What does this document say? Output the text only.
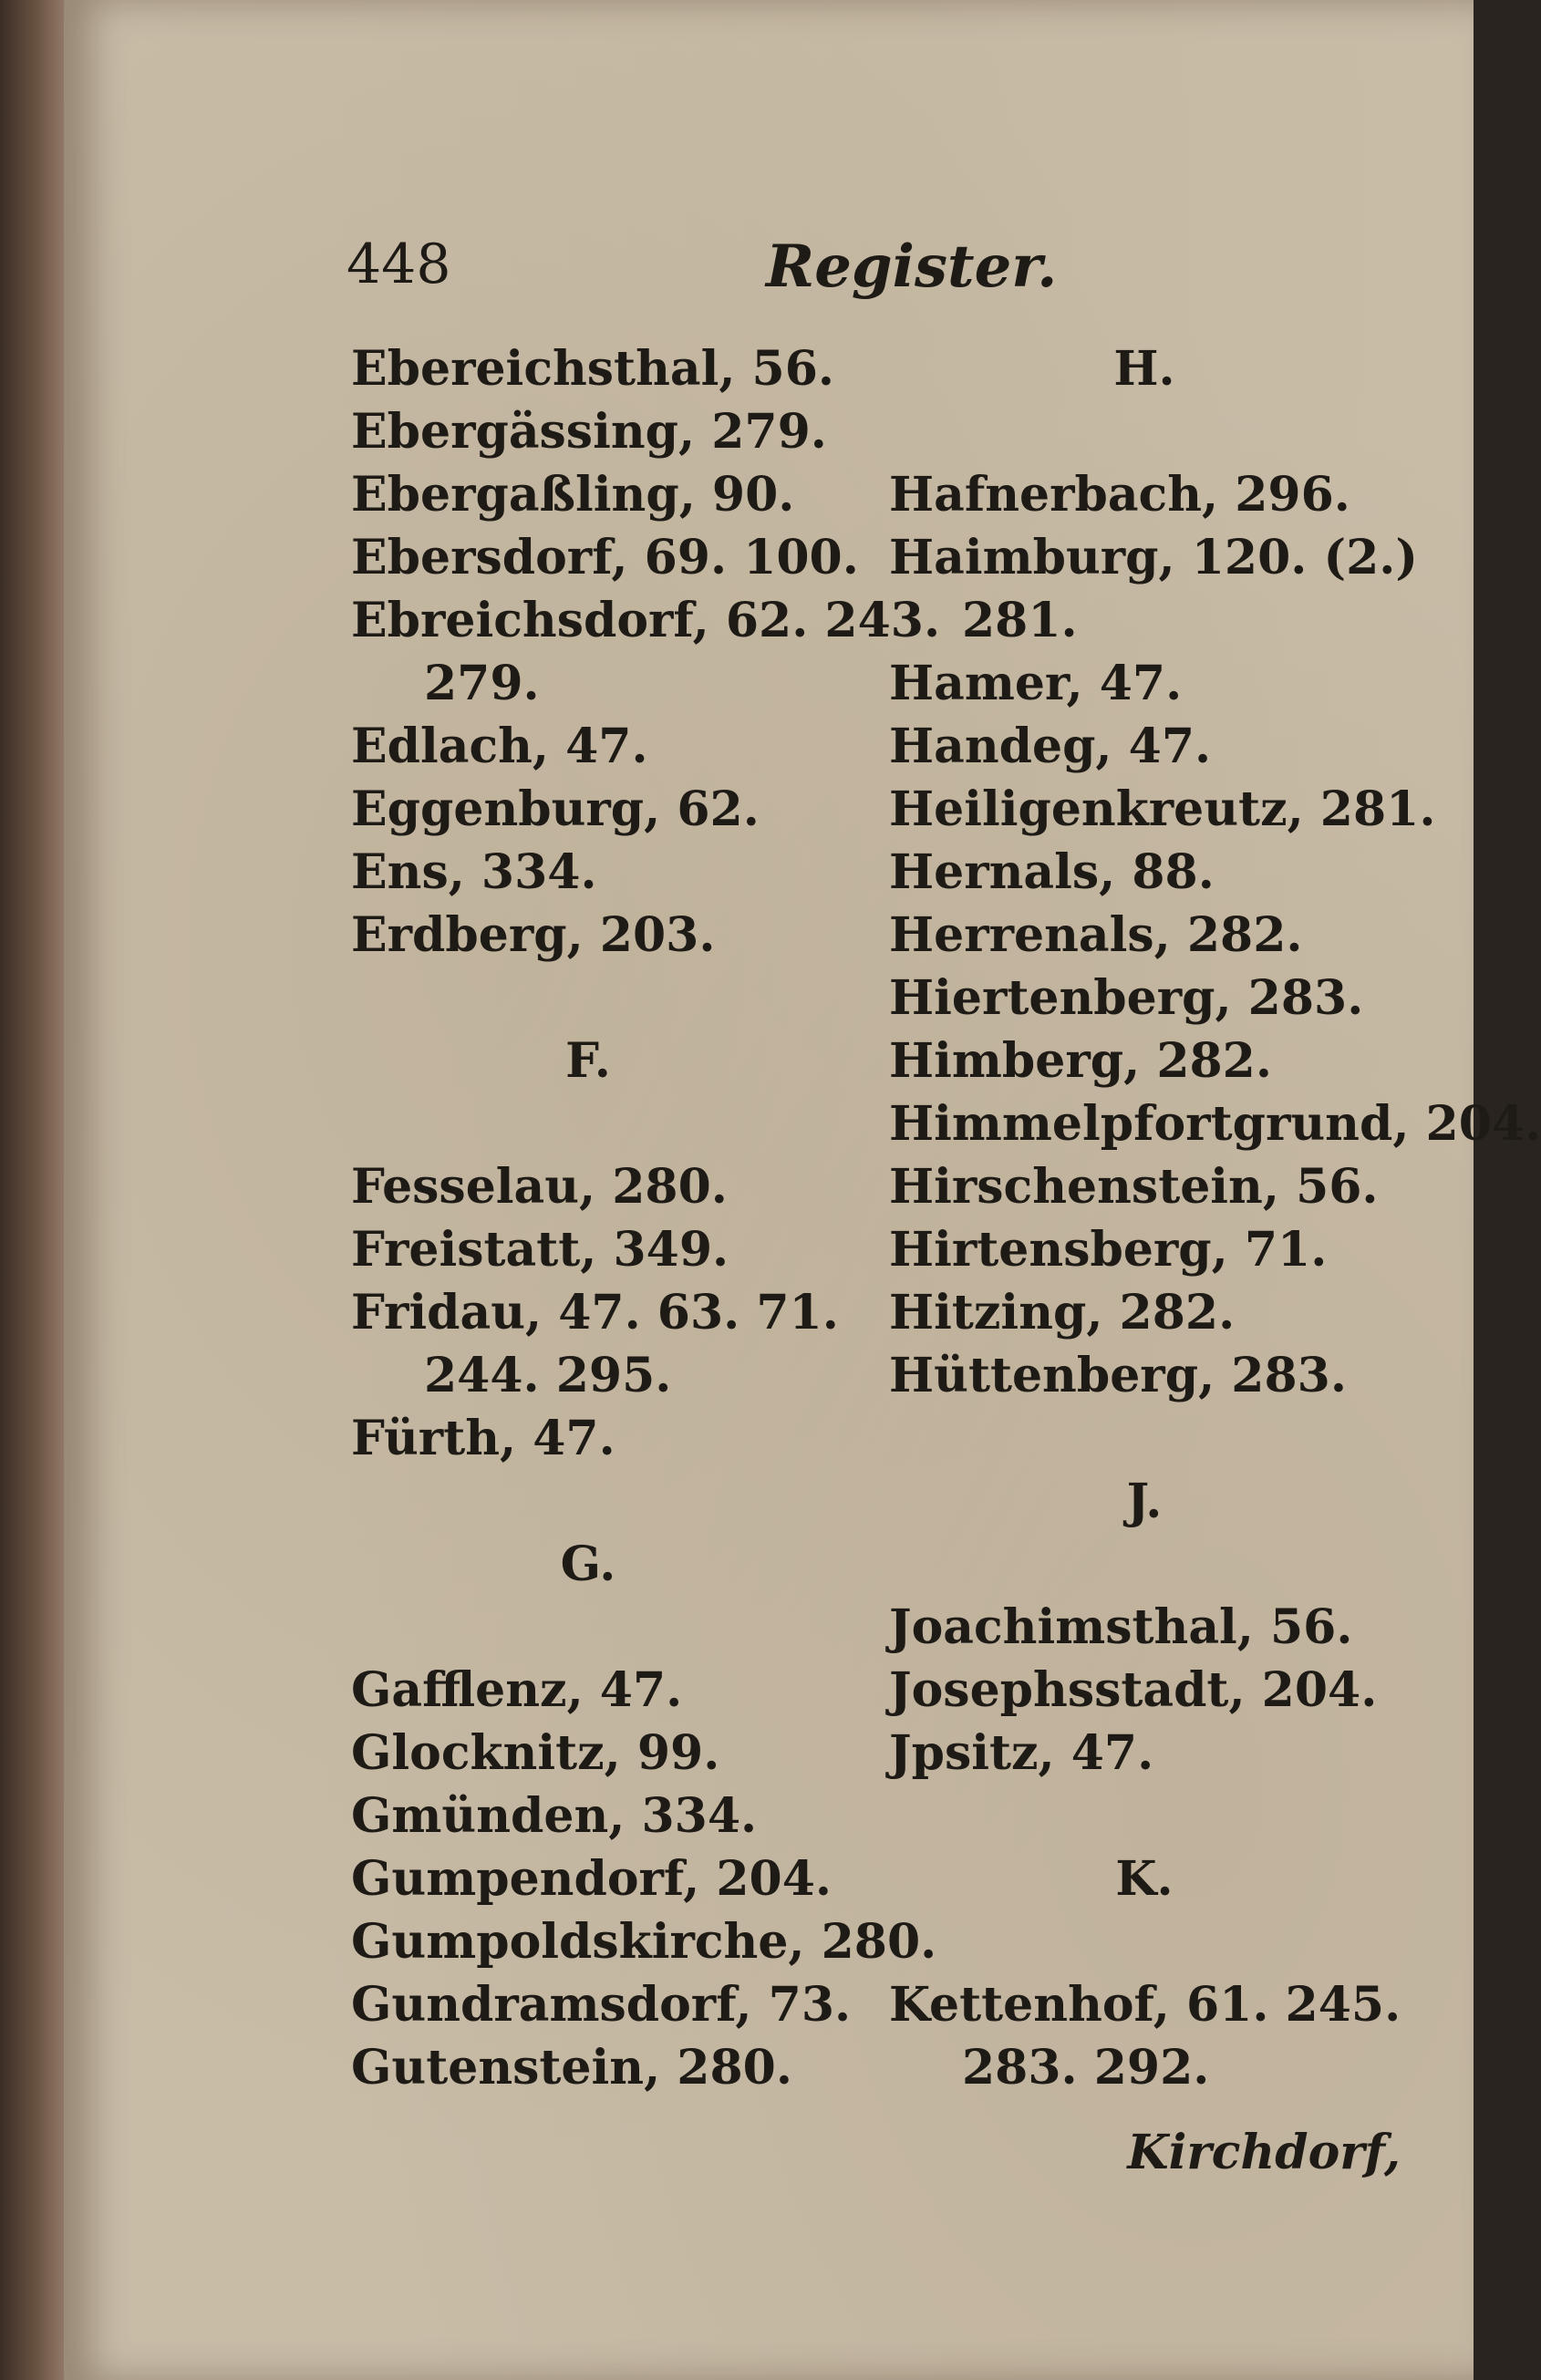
448	Register.
Ebereichsthal, 56.
Ebergässing, 279.
Ebergaßling, 90.
Ebersdorf, 69. 100.
Ebreichsdorf, 62. 243.
279.
Edlach, 47.
Eggenburg, 62.
Ens, 334.
Erdberg, 203.
F.
Fesselau, 280.
Freistatt, 349.
Fridau, 47. 63. 71.
244. 295.
Fürth, 47.
G.
Gafflenz, 47.
Glocknitz, 99.
Gmünden, 334.
Gumpendorf, 204.
Gumpoldskirche, 280.
Gundramsdorf, 73.
Gutenstein, 280.
H.
Hafnerbach, 296.
Haimburg, 120. (2.)
281.
Hamer, 47.
Handeg, 47.
Heiligenkreutz, 281.
Hernals, 88.
Herrenals, 282.
Hiertenberg, 283.
Himberg, 282.
Himmelpfortgrund, 204.
Hirschenstein, 56.
Hirtensberg, 71.
Hitzing, 282.
Hüttenberg, 283.
J.
Joachimsthal, 56.
Josephsstadt, 204.
Jpsitz, 47.
K.
Kettenhof, 61. 245.
283. 292.
Kirchdorf,
